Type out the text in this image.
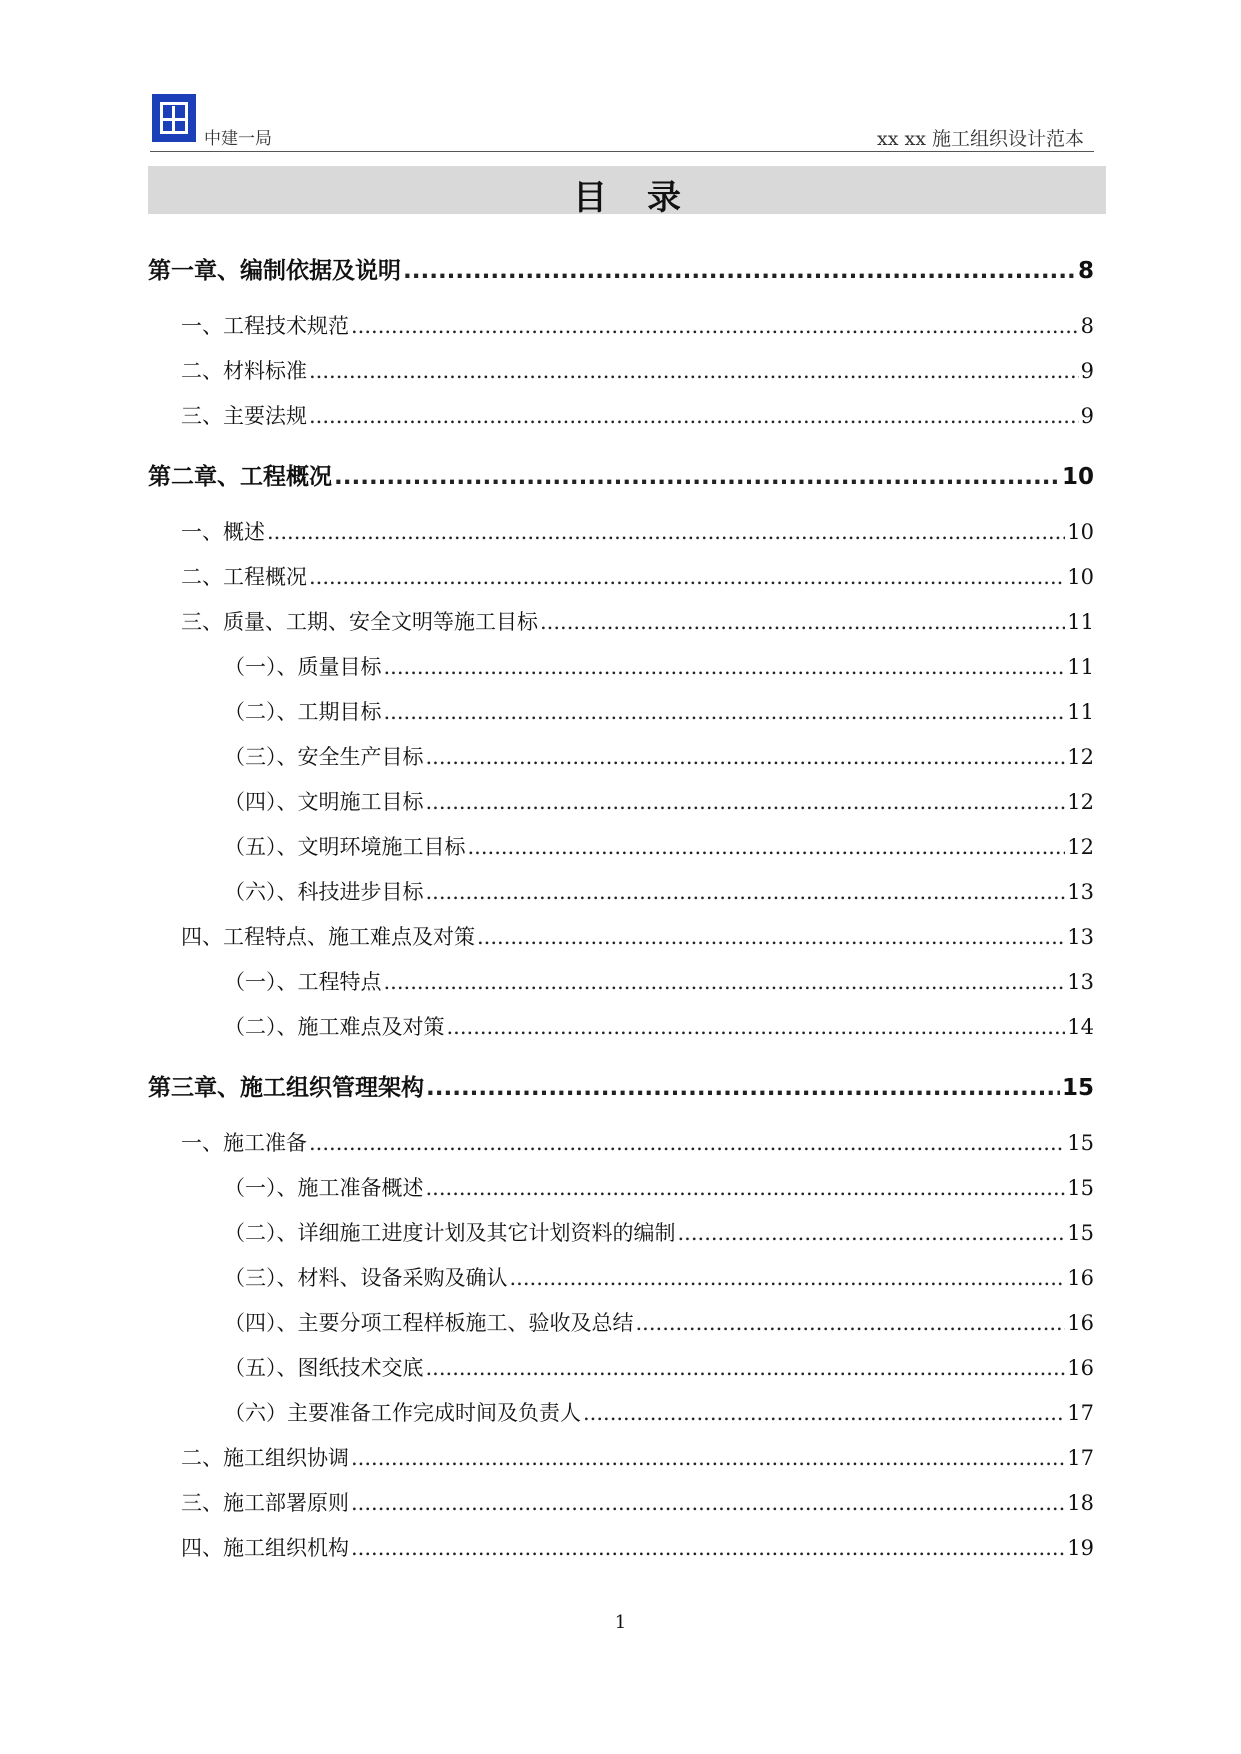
中建一局	xx xx 施工组织设计范本
目录
第一章、编制依据及说明 .....	8
一、工程技术规范 .....	8
二、材料标准 .....	9
三、主要法规 .....	9
第二章、工程概况 .....	10
一、概述 .....	10
二、工程概况 .....	10
三、质量、工期、安全文明等施工目标 .....	11
（一）、质量目标 .....	11
（二）、工期目标 .....	11
（三）、安全生产目标 .....	12
（四）、文明施工目标 .....	12
（五）、文明环境施工目标 .....	12
（六）、科技进步目标 .....	13
四、工程特点、施工难点及对策 .....	13
（一）、工程特点 .....	13
（二）、施工难点及对策 .....	14
第三章、施工组织管理架构 .....	15
一、施工准备 .....	15
（一）、施工准备概述 .....	15
（二）、详细施工进度计划及其它计划资料的编制 .....	15
（三）、材料、设备采购及确认 .....	16
（四）、主要分项工程样板施工、验收及总结 .....	16
（五）、图纸技术交底 .....	16
（六）主要准备工作完成时间及负责人 .....	17
二、施工组织协调 .....	17
三、施工部署原则 .....	18
四、施工组织机构 .....	19
1
